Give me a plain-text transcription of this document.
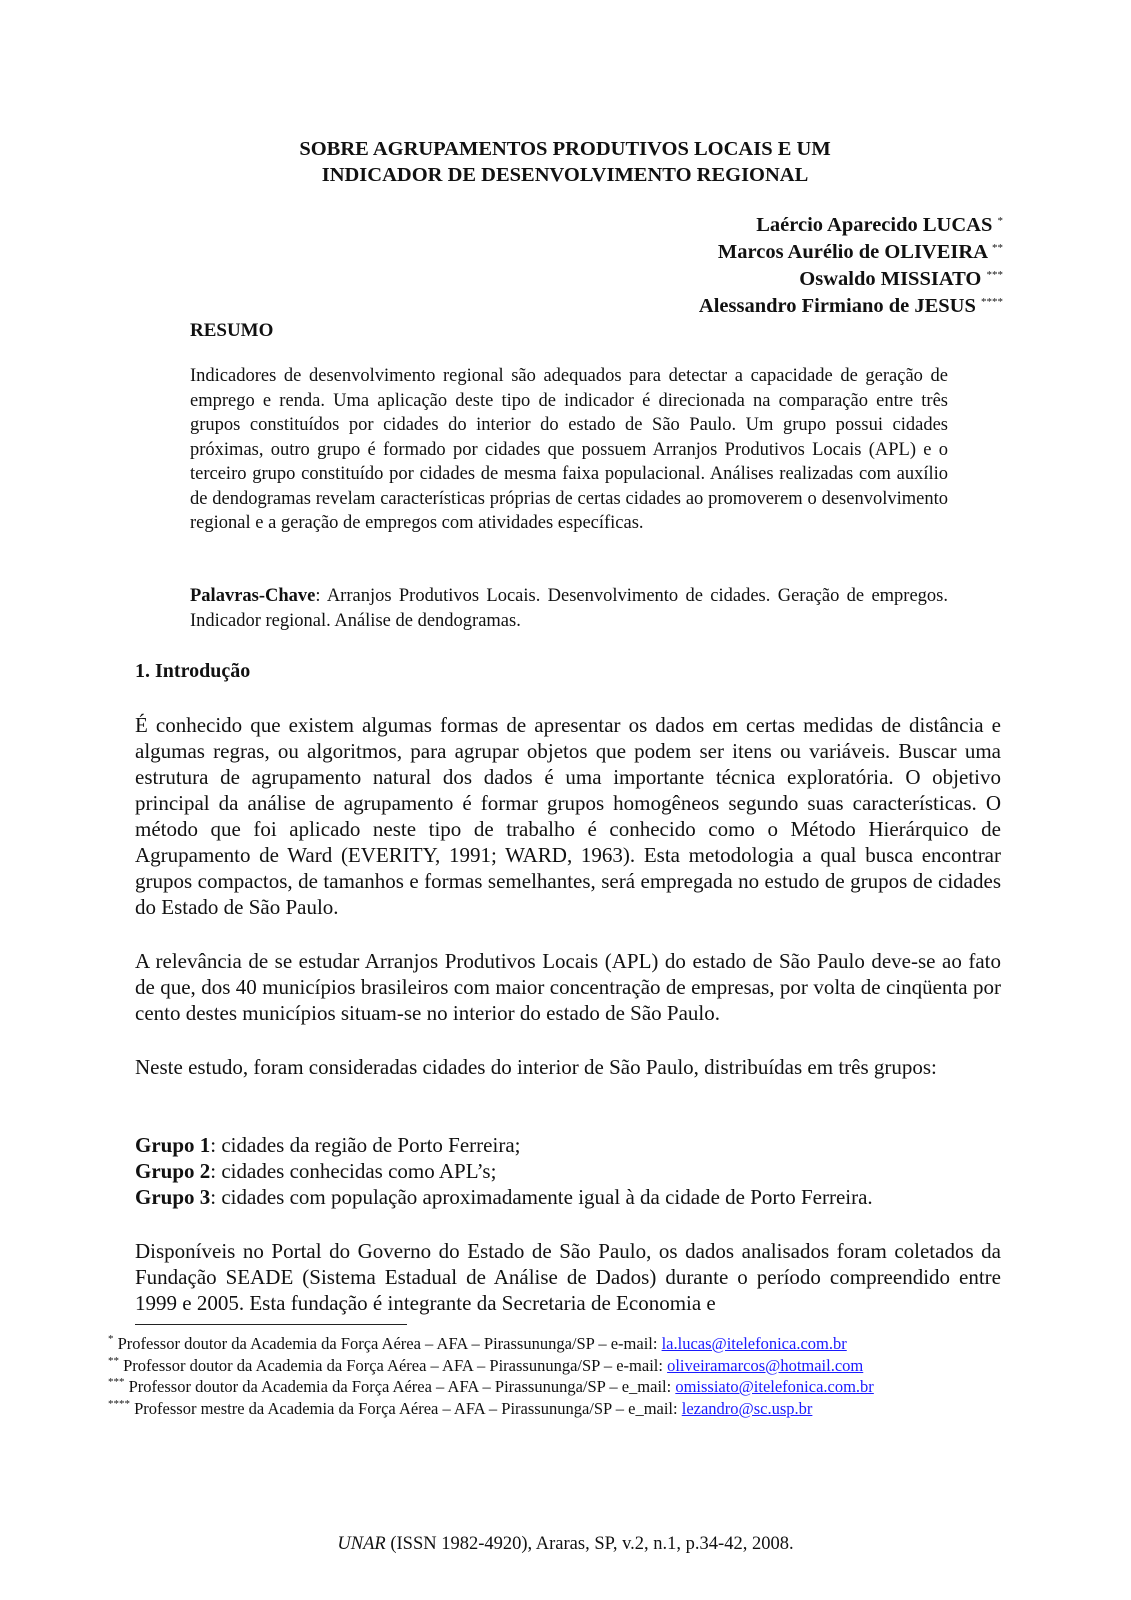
SOBRE AGRUPAMENTOS PRODUTIVOS LOCAIS E UM
INDICADOR DE DESENVOLVIMENTO REGIONAL
Laércio Aparecido LUCAS *
Marcos Aurélio de OLIVEIRA **
Oswaldo MISSIATO ***
Alessandro Firmiano de JESUS ****
RESUMO
Indicadores de desenvolvimento regional são adequados para detectar a capacidade de geração de emprego e renda. Uma aplicação deste tipo de indicador é direcionada na comparação entre três grupos constituídos por cidades do interior do estado de São Paulo. Um grupo possui cidades próximas, outro grupo é formado por cidades que possuem Arranjos Produtivos Locais (APL) e o terceiro grupo constituído por cidades de mesma faixa populacional. Análises realizadas com auxílio de dendogramas revelam características próprias de certas cidades ao promoverem o desenvolvimento regional e a geração de empregos com atividades específicas.
Palavras-Chave: Arranjos Produtivos Locais. Desenvolvimento de cidades. Geração de empregos. Indicador regional. Análise de dendogramas.
1. Introdução
É conhecido que existem algumas formas de apresentar os dados em certas medidas de distância e algumas regras, ou algoritmos, para agrupar objetos que podem ser itens ou variáveis. Buscar uma estrutura de agrupamento natural dos dados é uma importante técnica exploratória. O objetivo principal da análise de agrupamento é formar grupos homogêneos segundo suas características. O método que foi aplicado neste tipo de trabalho é conhecido como o Método Hierárquico de Agrupamento de Ward (EVERITY, 1991; WARD, 1963). Esta metodologia a qual busca encontrar grupos compactos, de tamanhos e formas semelhantes, será empregada no estudo de grupos de cidades do Estado de São Paulo.
A relevância de se estudar Arranjos Produtivos Locais (APL) do estado de São Paulo deve-se ao fato de que, dos 40 municípios brasileiros com maior concentração de empresas, por volta de cinqüenta por cento destes municípios situam-se no interior do estado de São Paulo.
Neste estudo, foram consideradas cidades do interior de São Paulo, distribuídas em três grupos:
Grupo 1: cidades da região de Porto Ferreira;
Grupo 2: cidades conhecidas como APL’s;
Grupo 3: cidades com população aproximadamente igual à da cidade de Porto Ferreira.
Disponíveis no Portal do Governo do Estado de São Paulo, os dados analisados foram coletados da Fundação SEADE (Sistema Estadual de Análise de Dados) durante o período compreendido entre 1999 e 2005. Esta fundação é integrante da Secretaria de Economia e
* Professor doutor da Academia da Força Aérea – AFA – Pirassununga/SP – e-mail: la.lucas@itelefonica.com.br
** Professor doutor da Academia da Força Aérea – AFA – Pirassununga/SP – e-mail: oliveiramarcos@hotmail.com
*** Professor doutor da Academia da Força Aérea – AFA – Pirassununga/SP – e_mail: omissiato@itelefonica.com.br
**** Professor mestre da Academia da Força Aérea – AFA – Pirassununga/SP – e_mail: lezandro@sc.usp.br
UNAR (ISSN 1982-4920), Araras, SP, v.2, n.1, p.34-42, 2008.
